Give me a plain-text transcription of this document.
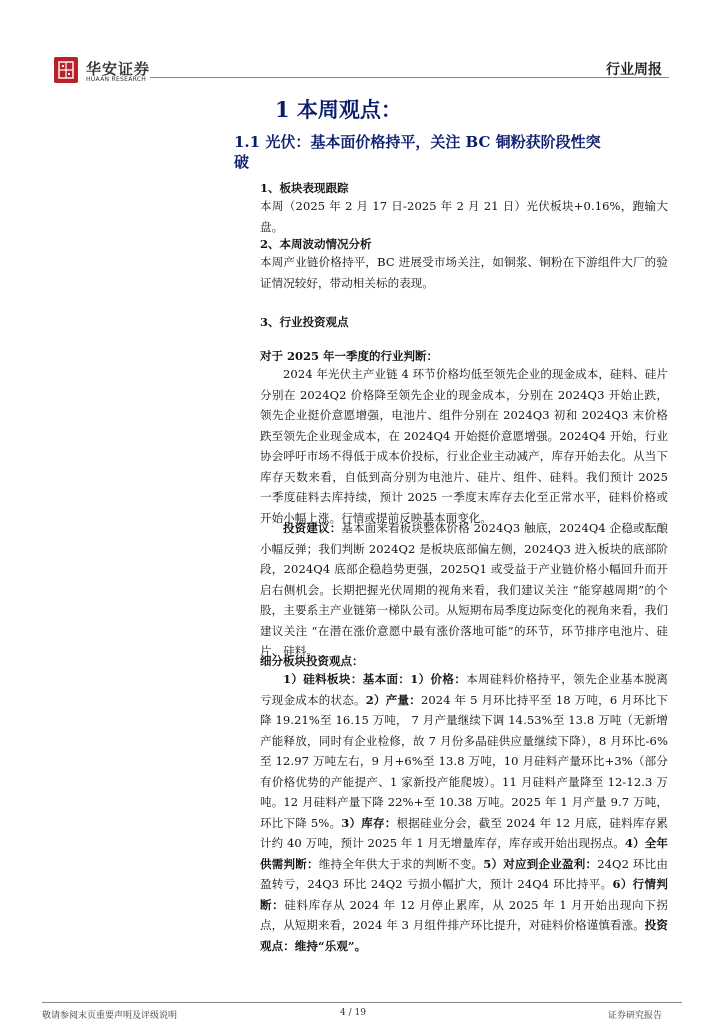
华安证券
HUAAN RESEARCH
行业周报
1 本周观点：
1.1 光伏：基本面价格持平，关注 BC 铜粉获阶段性突
破
1、板块表现跟踪
本周（2025 年 2 月 17 日-2025 年 2 月 21 日）光伏板块+0.16%，跑输大盘。
2、本周波动情况分析
本周产业链价格持平，BC 进展受市场关注，如铜浆、铜粉在下游组件大厂的验证情况较好，带动相关标的表现。
3、行业投资观点
对于 2025 年一季度的行业判断：
2024 年光伏主产业链 4 环节价格均低至领先企业的现金成本，硅料、硅片分别在 2024Q2 价格降至领先企业的现金成本，分别在 2024Q3 开始止跌，领先企业挺价意愿增强，电池片、组件分别在 2024Q3 初和 2024Q3 末价格跌至领先企业现金成本，在 2024Q4 开始挺价意愿增强。2024Q4 开始，行业协会呼吁市场不得低于成本价投标，行业企业主动减产，库存开始去化。从当下库存天数来看，自低到高分别为电池片、硅片、组件、硅料。我们预计 2025 一季度硅料去库持续，预计 2025 一季度末库存去化至正常水平，硅料价格或开始小幅上涨。行情或提前反映基本面变化。
投资建议：基本面来看板块整体价格 2024Q3 触底，2024Q4 企稳或酝酿小幅反弹；我们判断 2024Q2 是板块底部偏左侧，2024Q3 进入板块的底部阶段，2024Q4 底部企稳趋势更强，2025Q1 或受益于产业链价格小幅回升而开启右侧机会。长期把握光伏周期的视角来看，我们建议关注 “能穿越周期”的个股，主要系主产业链第一梯队公司。从短期布局季度边际变化的视角来看，我们建议关注 “在潜在涨价意愿中最有涨价落地可能”的环节，环节排序电池片、硅片、硅料。
细分板块投资观点：
1）硅料板块：基本面：1）价格：本周硅料价格持平，领先企业基本脱离亏现金成本的状态。2）产量：2024 年 5 月环比持平至 18 万吨，6 月环比下降 19.21%至 16.15 万吨， 7 月产量继续下调 14.53%至 13.8 万吨（无新增产能释放，同时有企业检修，故 7 月份多晶硅供应量继续下降），8 月环比-6%至 12.97 万吨左右，9 月+6%至 13.8 万吨，10 月硅料产量环比+3%（部分有价格优势的产能提产、1 家新投产能爬坡）。11 月硅料产量降至 12-12.3 万吨。12 月硅料产量下降 22%+至 10.38 万吨。2025 年 1 月产量 9.7 万吨，环比下降 5%。3）库存：根据硅业分会，截至 2024 年 12 月底，硅料库存累计约 40 万吨，预计 2025 年 1 月无增量库存，库存或开始出现拐点。4）全年供需判断：维持全年供大于求的判断不变。5）对应到企业盈利：24Q2 环比由盈转亏，24Q3 环比 24Q2 亏损小幅扩大，预计 24Q4 环比持平。6）行情判断：硅料库存从 2024 年 12 月停止累库，从 2025 年 1 月开始出现向下拐点，从短期来看，2024 年 3 月组件排产环比提升，对硅料价格谨慎看涨。投资观点：维持“乐观”。
敬请参阅末页重要声明及评级说明	4 / 19	证券研究报告
